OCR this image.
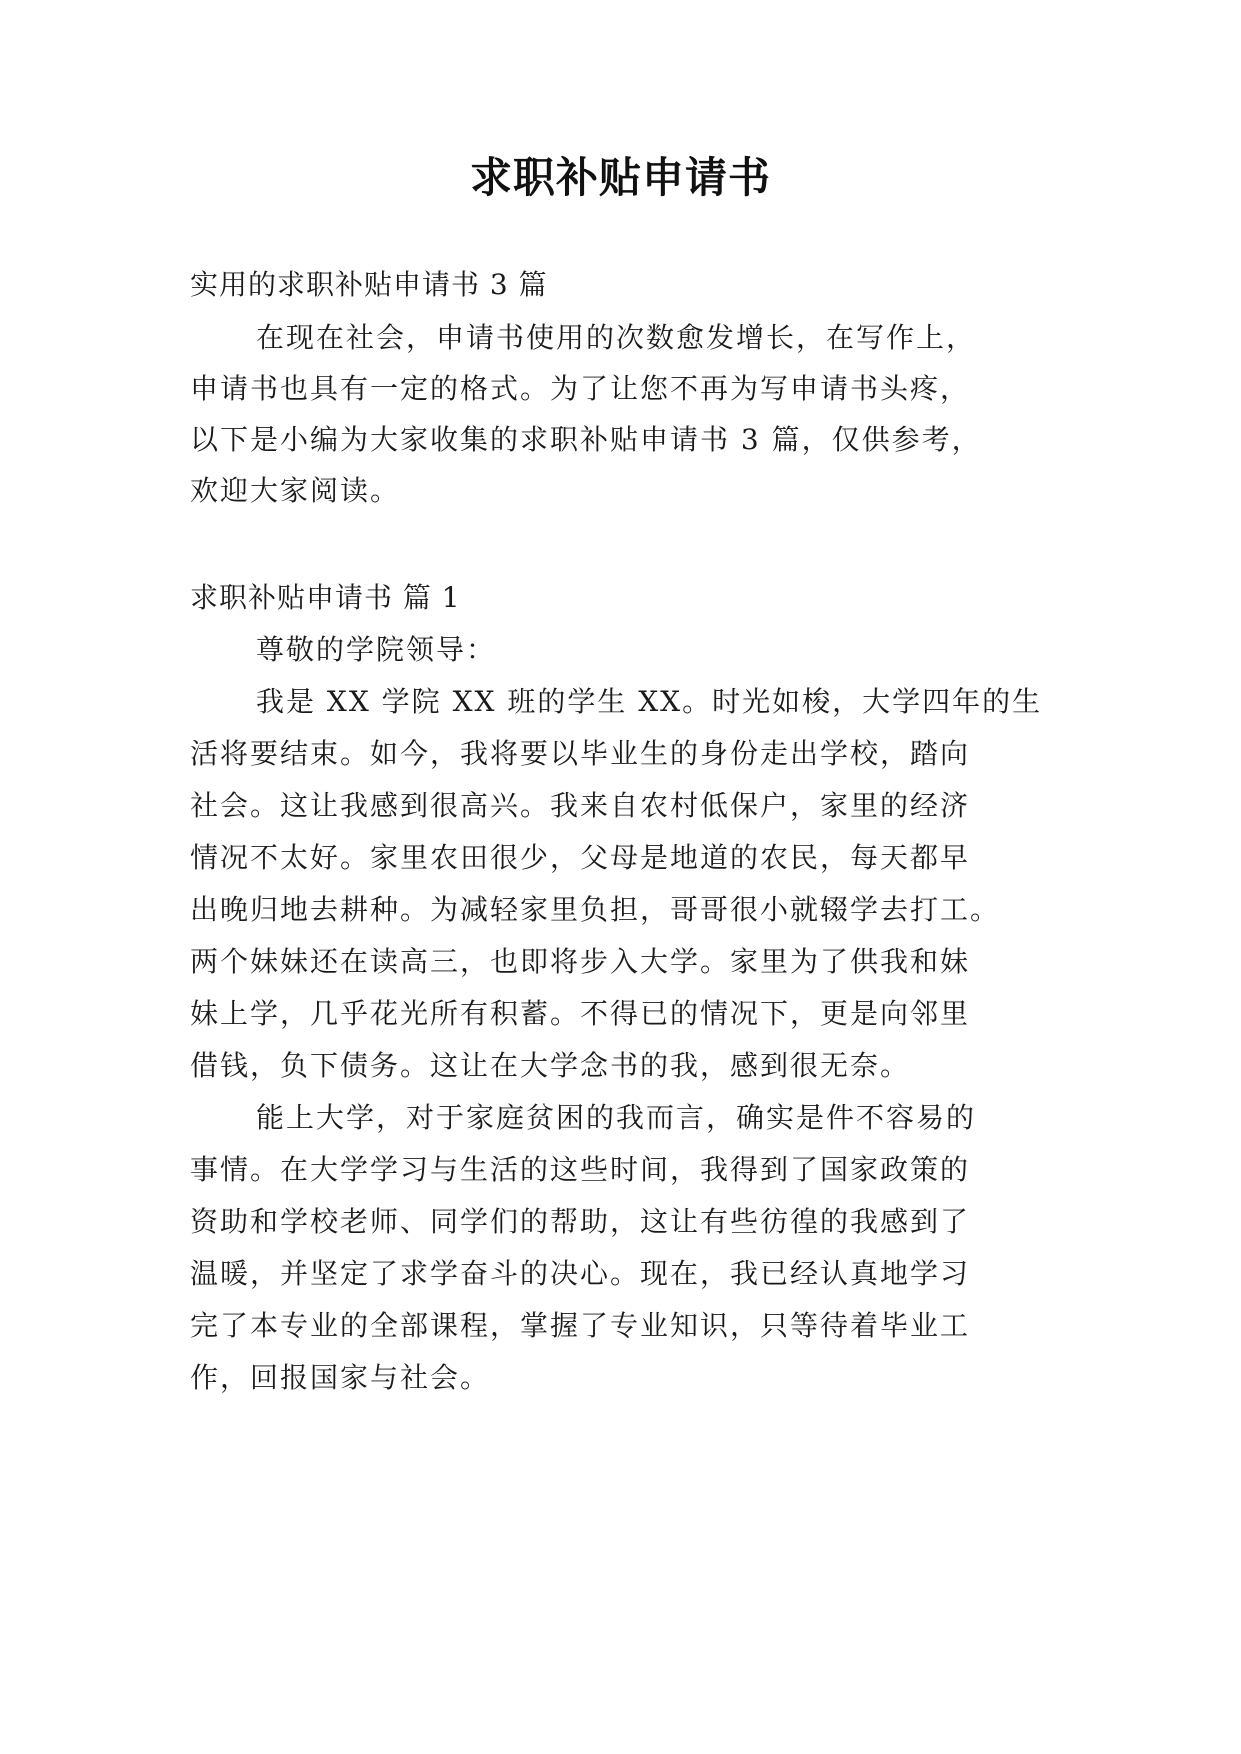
求职补贴申请书
实用的求职补贴申请书 3 篇
在现在社会，申请书使用的次数愈发增长，在写作上，
申请书也具有一定的格式。为了让您不再为写申请书头疼，
以下是小编为大家收集的求职补贴申请书 3 篇，仅供参考，
欢迎大家阅读。
求职补贴申请书 篇 1
尊敬的学院领导：
我是 XX 学院 XX 班的学生 XX。时光如梭，大学四年的生
活将要结束。如今，我将要以毕业生的身份走出学校，踏向
社会。这让我感到很高兴。我来自农村低保户，家里的经济
情况不太好。家里农田很少，父母是地道的农民，每天都早
出晚归地去耕种。为减轻家里负担，哥哥很小就辍学去打工。
两个妹妹还在读高三，也即将步入大学。家里为了供我和妹
妹上学，几乎花光所有积蓄。不得已的情况下，更是向邻里
借钱，负下债务。这让在大学念书的我，感到很无奈。
能上大学，对于家庭贫困的我而言，确实是件不容易的
事情。在大学学习与生活的这些时间，我得到了国家政策的
资助和学校老师、同学们的帮助，这让有些彷徨的我感到了
温暖，并坚定了求学奋斗的决心。现在，我已经认真地学习
完了本专业的全部课程，掌握了专业知识，只等待着毕业工
作，回报国家与社会。
